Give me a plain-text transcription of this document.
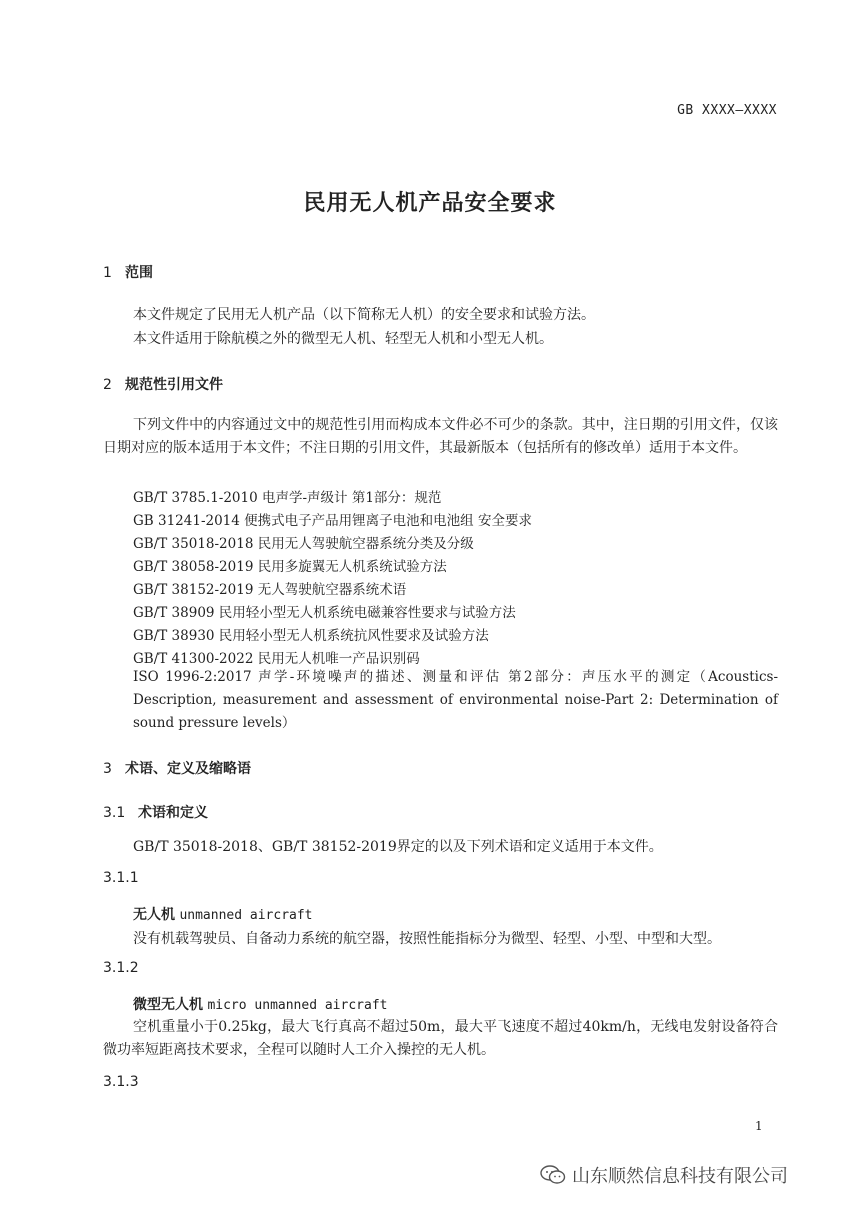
GB XXXX—XXXX
民用无人机产品安全要求
1 范围
本文件规定了民用无人机产品（以下简称无人机）的安全要求和试验方法。
本文件适用于除航模之外的微型无人机、轻型无人机和小型无人机。
2 规范性引用文件
下列文件中的内容通过文中的规范性引用而构成本文件必不可少的条款。其中，注日期的引用文件，仅该日期对应的版本适用于本文件；不注日期的引用文件，其最新版本（包括所有的修改单）适用于本文件。
GB/T 3785.1-2010 电声学-声级计 第1部分：规范
GB 31241-2014 便携式电子产品用锂离子电池和电池组 安全要求
GB/T 35018-2018 民用无人驾驶航空器系统分类及分级
GB/T 38058-2019 民用多旋翼无人机系统试验方法
GB/T 38152-2019 无人驾驶航空器系统术语
GB/T 38909 民用轻小型无人机系统电磁兼容性要求与试验方法
GB/T 38930 民用轻小型无人机系统抗风性要求及试验方法
GB/T 41300-2022 民用无人机唯一产品识别码
ISO 1996-2:2017 声学-环境噪声的描述、测量和评估 第2部分：声压水平的测定（Acoustics-Description, measurement and assessment of environmental noise-Part 2: Determination of sound pressure levels）
3 术语、定义及缩略语
3.1 术语和定义
GB/T 35018-2018、GB/T 38152-2019界定的以及下列术语和定义适用于本文件。
3.1.1
无人机 unmanned aircraft
没有机载驾驶员、自备动力系统的航空器，按照性能指标分为微型、轻型、小型、中型和大型。
3.1.2
微型无人机 micro unmanned aircraft
空机重量小于0.25kg，最大飞行真高不超过50m，最大平飞速度不超过40km/h，无线电发射设备符合微功率短距离技术要求，全程可以随时人工介入操控的无人机。
3.1.3
1
山东顺然信息科技有限公司
